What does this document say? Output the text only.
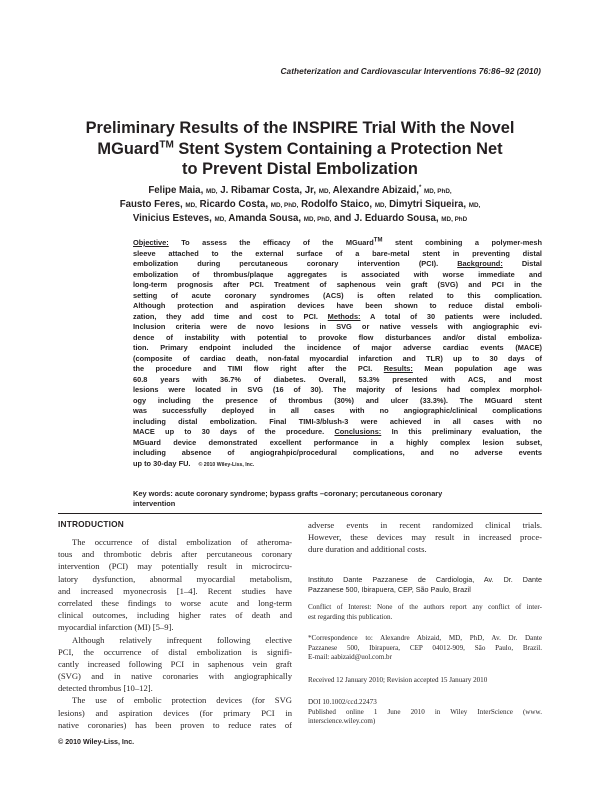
Catheterization and Cardiovascular Interventions 76:86–92 (2010)
Preliminary Results of the INSPIRE Trial With the Novel
MGuard™ Stent System Containing a Protection Net
to Prevent Distal Embolization
Felipe Maia, MD, J. Ribamar Costa, Jr, MD, Alexandre Abizaid,* MD, PhD,
Fausto Feres, MD, Ricardo Costa, MD, PhD, Rodolfo Staico, MD, Dimytri Siqueira, MD,
Vinicius Esteves, MD, Amanda Sousa, MD, PhD, and J. Eduardo Sousa, MD, PhD
Objective: To assess the efficacy of the MGuard™ stent combining a polymer-mesh
sleeve attached to the external surface of a bare-metal stent in preventing distal
embolization during percutaneous coronary intervention (PCI).	Background:	Distal
embolization of thrombus/plaque aggregates is associated with worse immediate and
long-term prognosis after PCI. Treatment of saphenous vein graft (SVG) and PCI in the
setting of acute coronary syndromes (ACS) is often related to this complication.
Although protection and aspiration devices have been shown to reduce distal emboli-
zation, they add time and cost to PCI. Methods: A total of 30 patients were included.
Inclusion criteria were de novo lesions in SVG or native vessels with angiographic evi-
dence of instability with potential to provoke flow disturbances and/or distal emboliza-
tion. Primary endpoint included the incidence of major adverse cardiac events (MACE)
(composite of cardiac death, non-fatal myocardial infarction and TLR) up to 30 days of
the procedure and TIMI flow right after the PCI. Results: Mean population age was
60.8 years with 36.7% of diabetes. Overall, 53.3% presented with ACS, and most
lesions were located in SVG (16 of 30). The majority of lesions had complex morphol-
ogy including the presence of thrombus (30%) and ulcer (33.3%). The MGuard stent
was successfully deployed in all cases with no angiographic/clinical complications
including distal embolization. Final TIMI-3/blush-3 were achieved in all cases with no
MACE up to 30 days of the procedure. Conclusions: In this preliminary evaluation, the
MGuard device demonstrated excellent performance in a highly complex lesion subset,
including absence of angiograhpic/procedural complications, and no adverse events
up to 30-day FU. © 2010 Wiley-Liss, Inc.
Key words: acute coronary syndrome; bypass grafts –coronary; percutaneous coronary
intervention
INTRODUCTION
The occurrence of distal embolization of atheroma-
tous and thrombotic debris after percutaneous coronary
intervention (PCI) may potentially result in microcircu-
latory dysfunction, abnormal myocardial metabolism,
and increased myonecrosis [1–4]. Recent studies have
correlated these findings to worse acute and long-term
clinical outcomes, including higher rates of death and
myocardial infarction (MI) [5–9].
Although relatively infrequent following elective
PCI, the occurrence of distal embolization is signifi-
cantly increased following PCI in saphenous vein graft
(SVG) and in native coronaries with angiographically
detected thrombus [10–12].
The use of embolic protection devices (for SVG
lesions) and aspiration devices (for primary PCI in
native coronaries) has been proven to reduce rates of
adverse events in recent randomized clinical trials.
However, these devices may result in increased proce-
dure duration and additional costs.
Instituto Dante Pazzanese de Cardiologia, Av. Dr. Dante
Pazzanese 500, Ibirapuera, CEP, São Paulo, Brazil
Conflict of Interest: None of the authors report any conflict of inter-
est regarding this publication.
*Correspondence to: Alexandre Abizaid, MD, PhD, Av. Dr. Dante
Pazzanese 500, Ibirapuera, CEP 04012-909, São Paulo, Brazil.
E-mail: aabizaid@uol.com.br
Received 12 January 2010; Revision accepted 15 January 2010
DOI 10.1002/ccd.22473
Published online 1 June 2010 in Wiley InterScience (www.
interscience.wiley.com)
© 2010 Wiley-Liss, Inc.
